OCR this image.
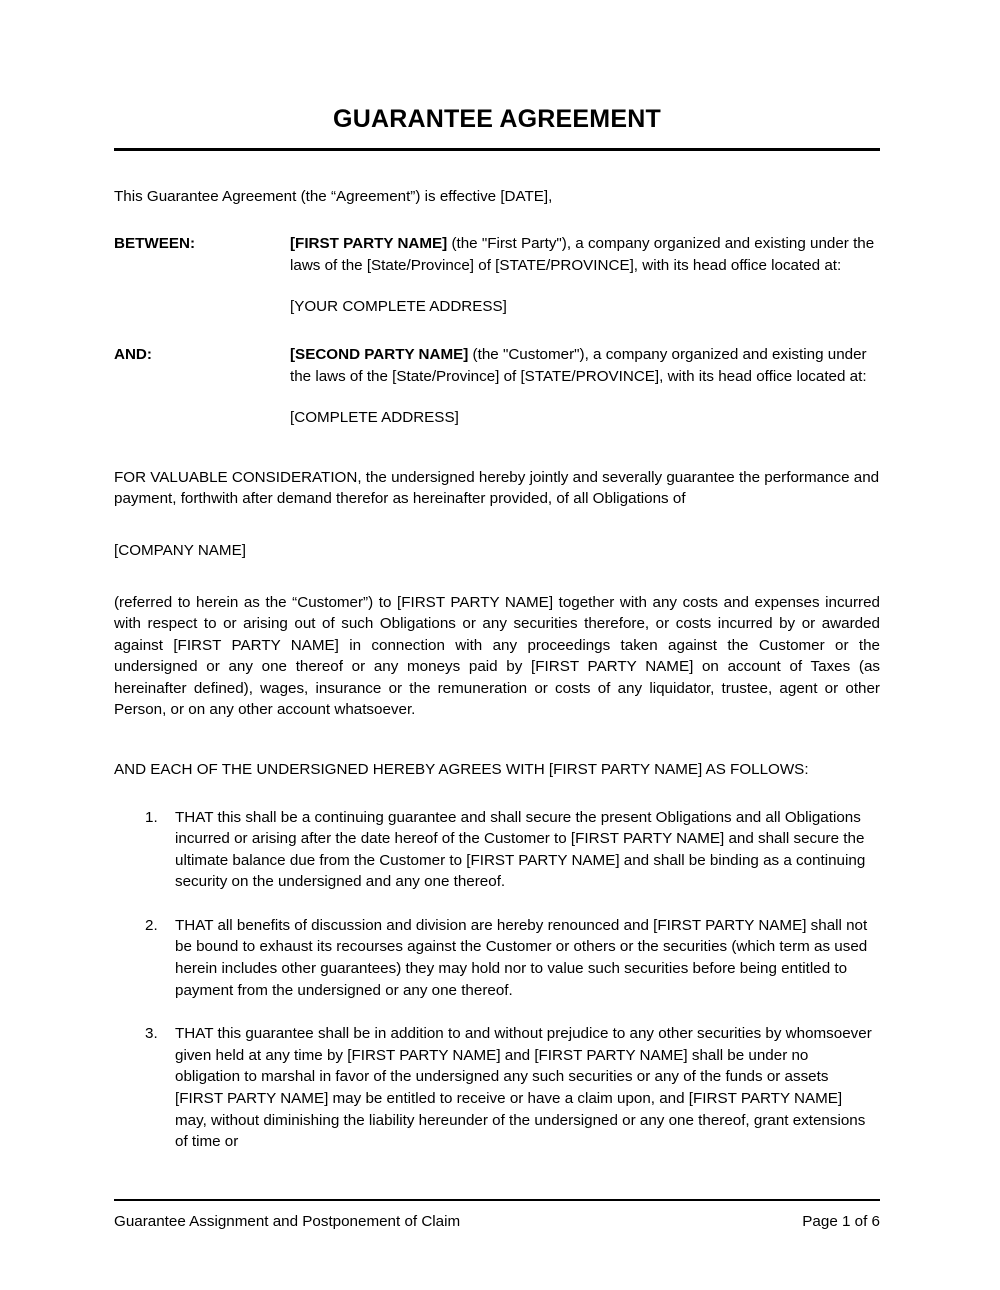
GUARANTEE AGREEMENT

This Guarantee Agreement (the “Agreement”) is effective [DATE],

BETWEEN:	[FIRST PARTY NAME] (the "First Party"), a company organized and existing under the laws of the [State/Province] of [STATE/PROVINCE], with its head office located at:
[YOUR COMPLETE ADDRESS]
AND:	[SECOND PARTY NAME] (the "Customer"), a company organized and existing under the laws of the [State/Province] of [STATE/PROVINCE], with its head office located at:
[COMPLETE ADDRESS]

FOR VALUABLE CONSIDERATION, the undersigned hereby jointly and severally guarantee the performance and payment, forthwith after demand therefor as hereinafter provided, of all Obligations of

[COMPANY NAME]

(referred to herein as the “Customer”) to [FIRST PARTY NAME] together with any costs and expenses incurred with respect to or arising out of such Obligations or any securities therefore, or costs incurred by or awarded against [FIRST PARTY NAME] in connection with any proceedings taken against the Customer or the undersigned or any one thereof or any moneys paid by [FIRST PARTY NAME] on account of Taxes (as hereinafter defined), wages, insurance or the remuneration or costs of any liquidator, trustee, agent or other Person, or on any other account whatsoever.

AND EACH OF THE UNDERSIGNED HEREBY AGREES WITH [FIRST PARTY NAME] AS FOLLOWS:

1.	THAT this shall be a continuing guarantee and shall secure the present Obligations and all Obligations incurred or arising after the date hereof of the Customer to [FIRST PARTY NAME] and shall secure the ultimate balance due from the Customer to [FIRST PARTY NAME] and shall be binding as a continuing security on the undersigned and any one thereof.
2.	THAT all benefits of discussion and division are hereby renounced and [FIRST PARTY NAME] shall not be bound to exhaust its recourses against the Customer or others or the securities (which term as used herein includes other guarantees) they may hold nor to value such securities before being entitled to payment from the undersigned or any one thereof.
3.	THAT this guarantee shall be in addition to and without prejudice to any other securities by whomsoever given held at any time by [FIRST PARTY NAME] and [FIRST PARTY NAME] shall be under no obligation to marshal in favor of the undersigned any such securities or any of the funds or assets [FIRST PARTY NAME] may be entitled to receive or have a claim upon, and [FIRST PARTY NAME] may, without diminishing the liability hereunder of the undersigned or any one thereof, grant extensions of time or
Guarantee Assignment and Postponement of Claim	Page 1 of 6
